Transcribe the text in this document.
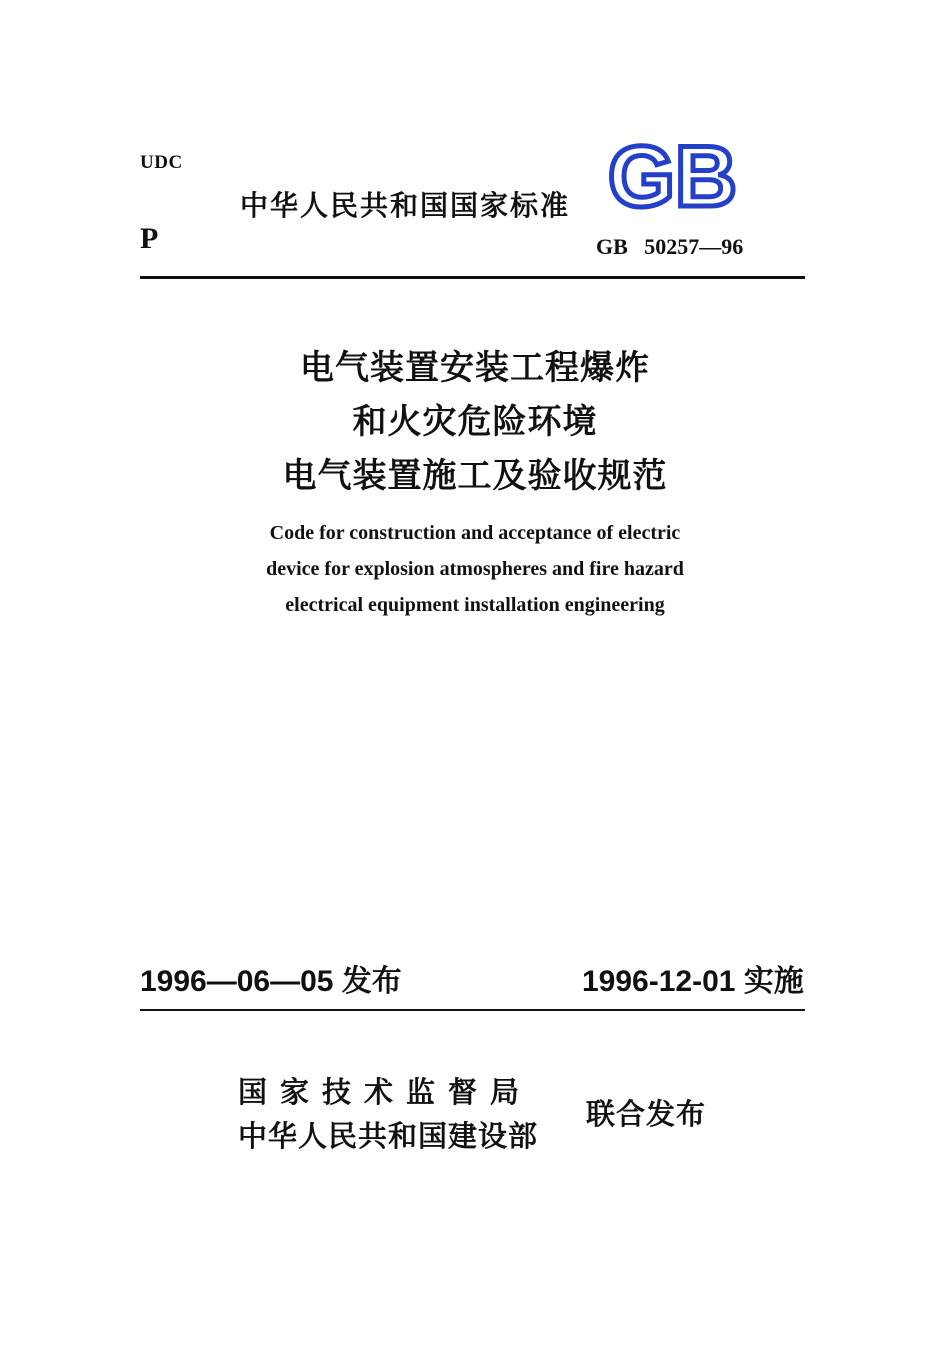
UDC
P
中华人民共和国国家标准 GB
GB   50257—96
电气装置安装工程爆炸
和火灾危险环境
电气装置施工及验收规范
Code for construction and acceptance of electric
device for explosion atmospheres and fire hazard
electrical equipment installation engineering
1996—06—05 发布	1996-12-01 实施
国家技术监督局
中华人民共和国建设部
联合发布
